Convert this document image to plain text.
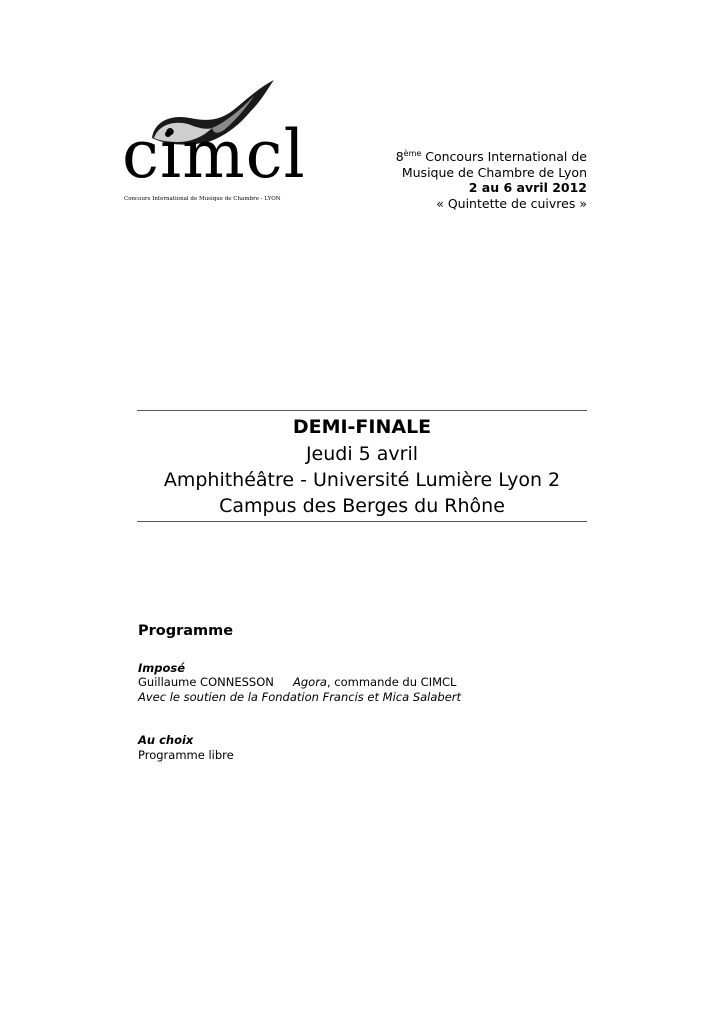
cimcl
Concours International de Musique de Chambre - LYON
8ème Concours International de
Musique de Chambre de Lyon
2 au 6 avril 2012
« Quintette de cuivres »
DEMI-FINALE
Jeudi 5 avril
Amphithéâtre - Université Lumière Lyon 2
Campus des Berges du Rhône
Programme
Imposé
Guillaume CONNESSON Agora, commande du CIMCL
Avec le soutien de la Fondation Francis et Mica Salabert
Au choix
Programme libre
